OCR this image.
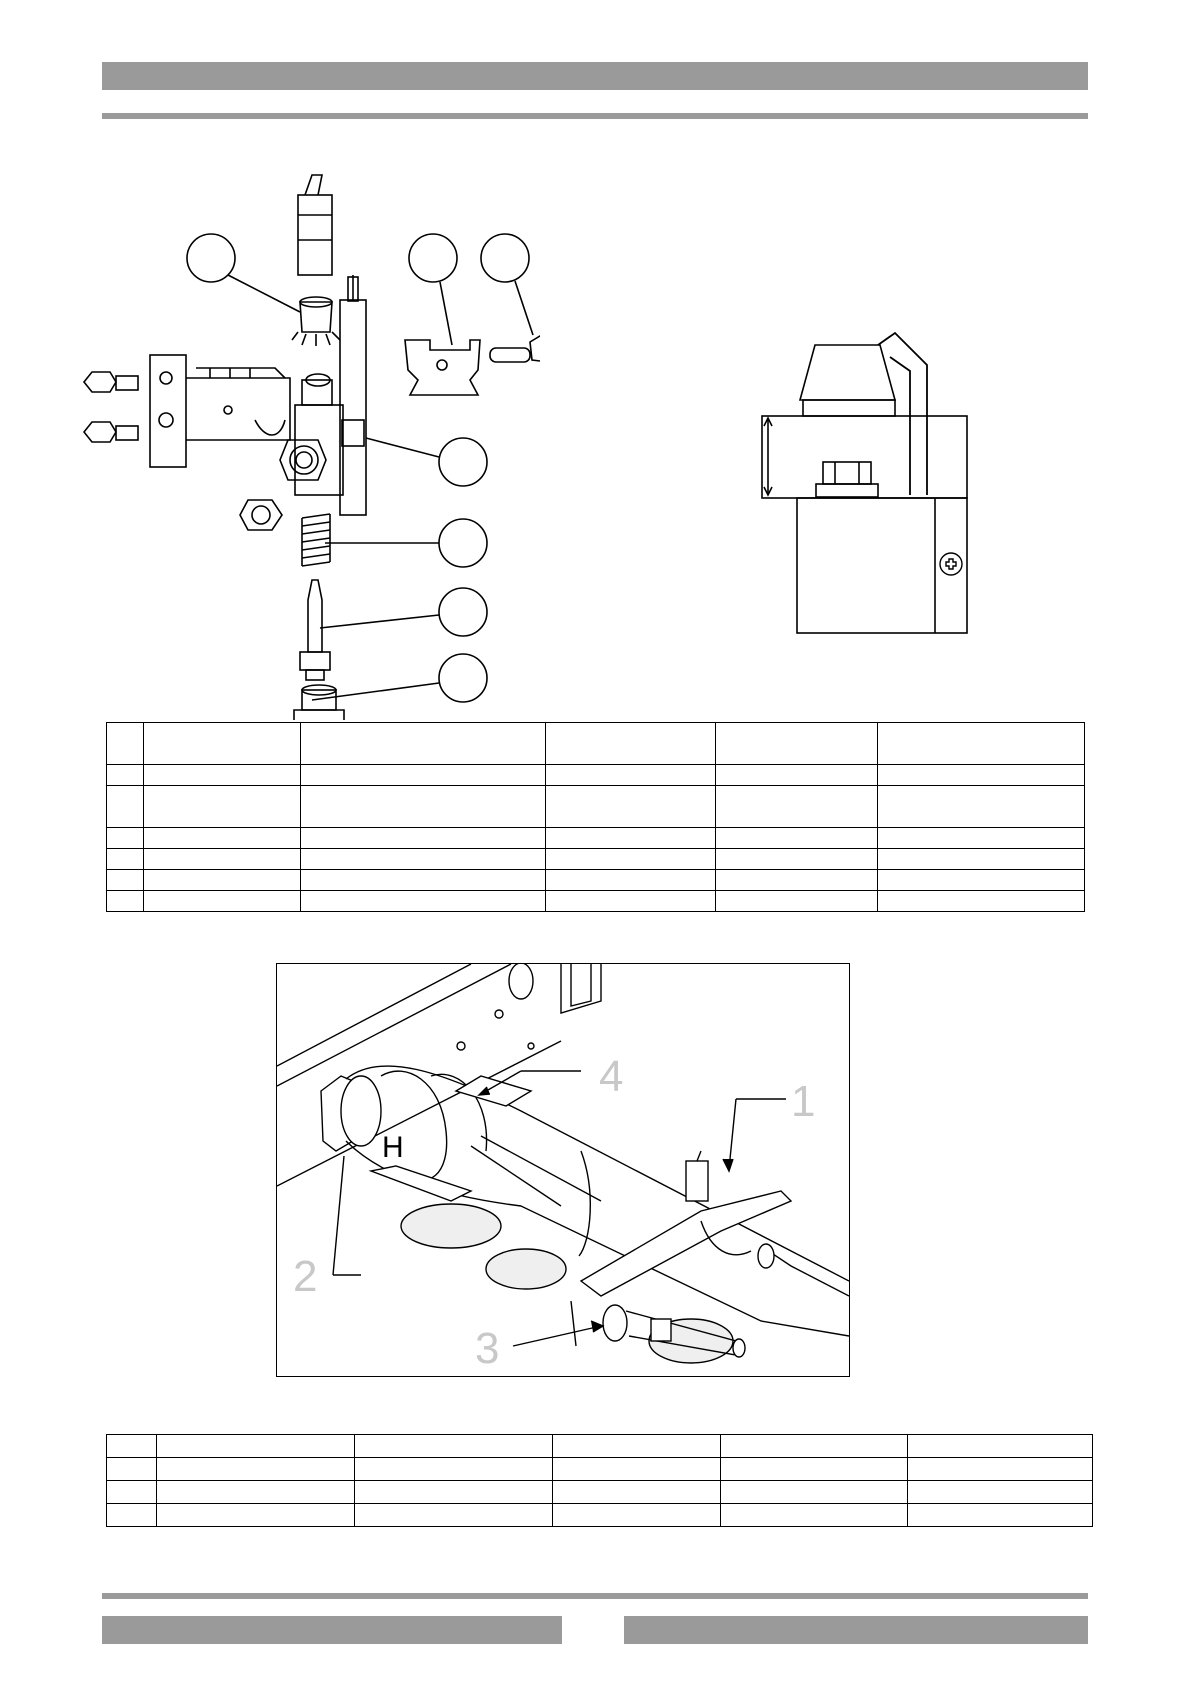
1
2
3
4
H
